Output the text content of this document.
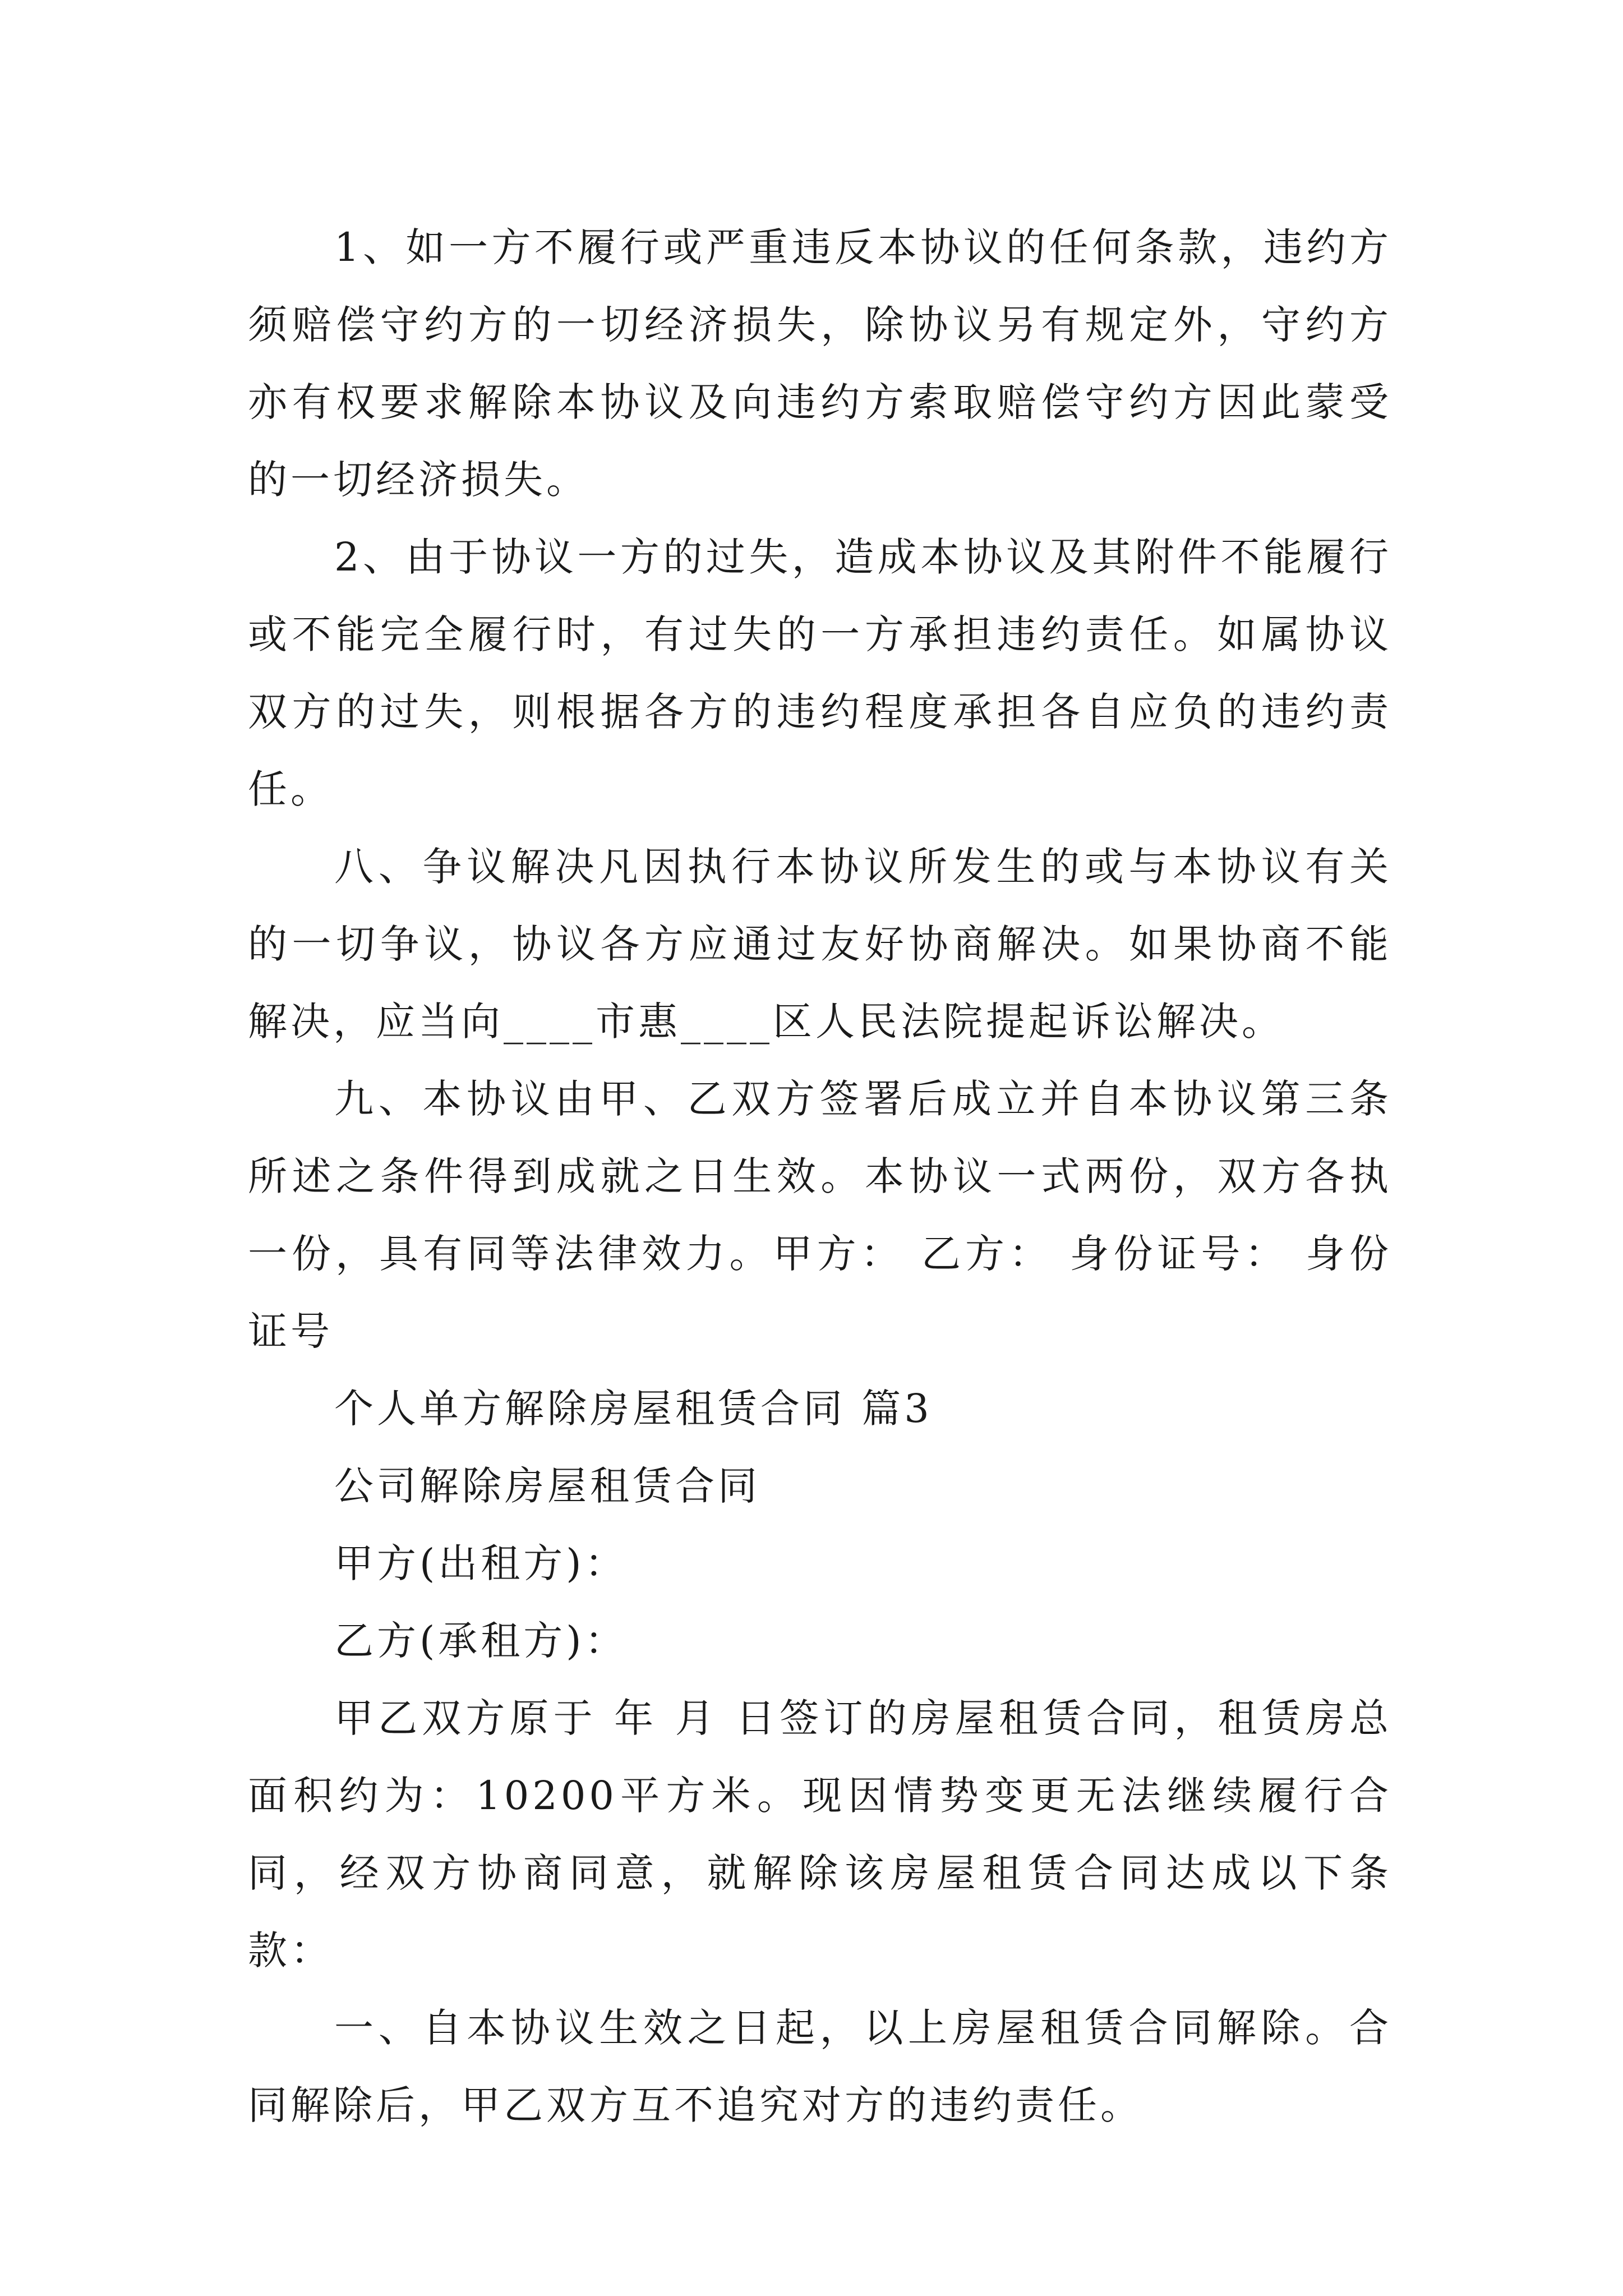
1、如一方不履行或严重违反本协议的任何条款，违约方须赔偿守约方的一切经济损失，除协议另有规定外，守约方亦有权要求解除本协议及向违约方索取赔偿守约方因此蒙受的一切经济损失。

2、由于协议一方的过失，造成本协议及其附件不能履行或不能完全履行时，有过失的一方承担违约责任。如属协议双方的过失，则根据各方的违约程度承担各自应负的违约责任。

八、争议解决凡因执行本协议所发生的或与本协议有关的一切争议，协议各方应通过友好协商解决。如果协商不能解决，应当向____市惠____区人民法院提起诉讼解决。

九、本协议由甲、乙双方签署后成立并自本协议第三条所述之条件得到成就之日生效。本协议一式两份，双方各执一份，具有同等法律效力。甲方： 乙方： 身份证号： 身份证号

个人单方解除房屋租赁合同 篇3

公司解除房屋租赁合同

甲方(出租方)：

乙方(承租方)：

甲乙双方原于 年 月 日签订的房屋租赁合同，租赁房总面积约为：10200平方米。现因情势变更无法继续履行合同，经双方协商同意，就解除该房屋租赁合同达成以下条款：

一、自本协议生效之日起，以上房屋租赁合同解除。合同解除后，甲乙双方互不追究对方的违约责任。
